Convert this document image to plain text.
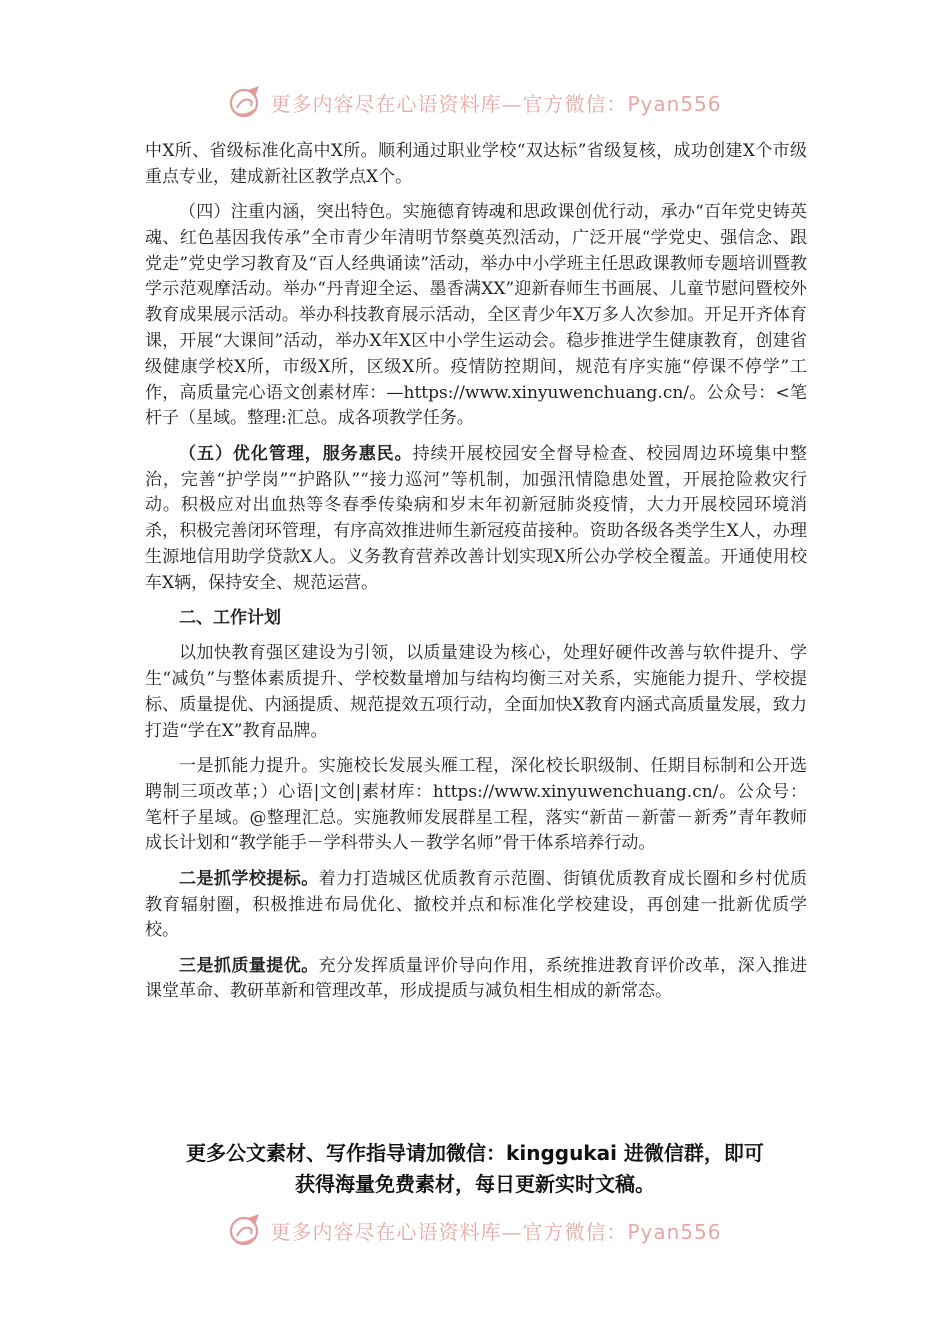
更多内容尽在心语资料库—官方微信：Pyan556

中X所、省级标准化高中X所。顺利通过职业学校“双达标”省级复核，成功创建X个市级重点专业，建成新社区教学点X个。

（四）注重内涵，突出特色。实施德育铸魂和思政课创优行动，承办“百年党史铸英魂、红色基因我传承”全市青少年清明节祭奠英烈活动，广泛开展“学党史、强信念、跟党走”党史学习教育及“百人经典诵读”活动，举办中小学班主任思政课教师专题培训暨教学示范观摩活动。举办“丹青迎全运、墨香满XX”迎新春师生书画展、儿童节慰问暨校外教育成果展示活动。举办科技教育展示活动，全区青少年X万多人次参加。开足开齐体育课，开展“大课间”活动，举办X年X区中小学生运动会。稳步推进学生健康教育，创建省级健康学校X所，市级X所，区级X所。疫情防控期间，规范有序实施“停课不停学”工作，高质量完心语文创素材库：—https://www.xinyuwenchuang.cn/。公众号：<笔杆子（星域。整理:汇总。成各项教学任务。

（五）优化管理，服务惠民。持续开展校园安全督导检查、校园周边环境集中整治，完善“护学岗”“护路队”“接力巡河”等机制，加强汛情隐患处置，开展抢险救灾行动。积极应对出血热等冬春季传染病和岁末年初新冠肺炎疫情，大力开展校园环境消杀，积极完善闭环管理，有序高效推进师生新冠疫苗接种。资助各级各类学生X人，办理生源地信用助学贷款X人。义务教育营养改善计划实现X所公办学校全覆盖。开通使用校车X辆，保持安全、规范运营。

二、工作计划

以加快教育强区建设为引领，以质量建设为核心，处理好硬件改善与软件提升、学生“减负”与整体素质提升、学校数量增加与结构均衡三对关系，实施能力提升、学校提标、质量提优、内涵提质、规范提效五项行动，全面加快X教育内涵式高质量发展，致力打造“学在X”教育品牌。

一是抓能力提升。实施校长发展头雁工程，深化校长职级制、任期目标制和公开选聘制三项改革；）心语|文创|素材库：https://www.xinyuwenchuang.cn/。公众号：笔杆子星域。@整理汇总。实施教师发展群星工程，落实“新苗－新蕾－新秀”青年教师成长计划和“教学能手－学科带头人－教学名师”骨干体系培养行动。

二是抓学校提标。着力打造城区优质教育示范圈、街镇优质教育成长圈和乡村优质教育辐射圈，积极推进布局优化、撤校并点和标准化学校建设，再创建一批新优质学校。

三是抓质量提优。充分发挥质量评价导向作用，系统推进教育评价改革，深入推进课堂革命、教研革新和管理改革，形成提质与减负相生相成的新常态。

更多公文素材、写作指导请加微信：kinggukai 进微信群，即可
获得海量免费素材，每日更新实时文稿。
更多内容尽在心语资料库—官方微信：Pyan556
